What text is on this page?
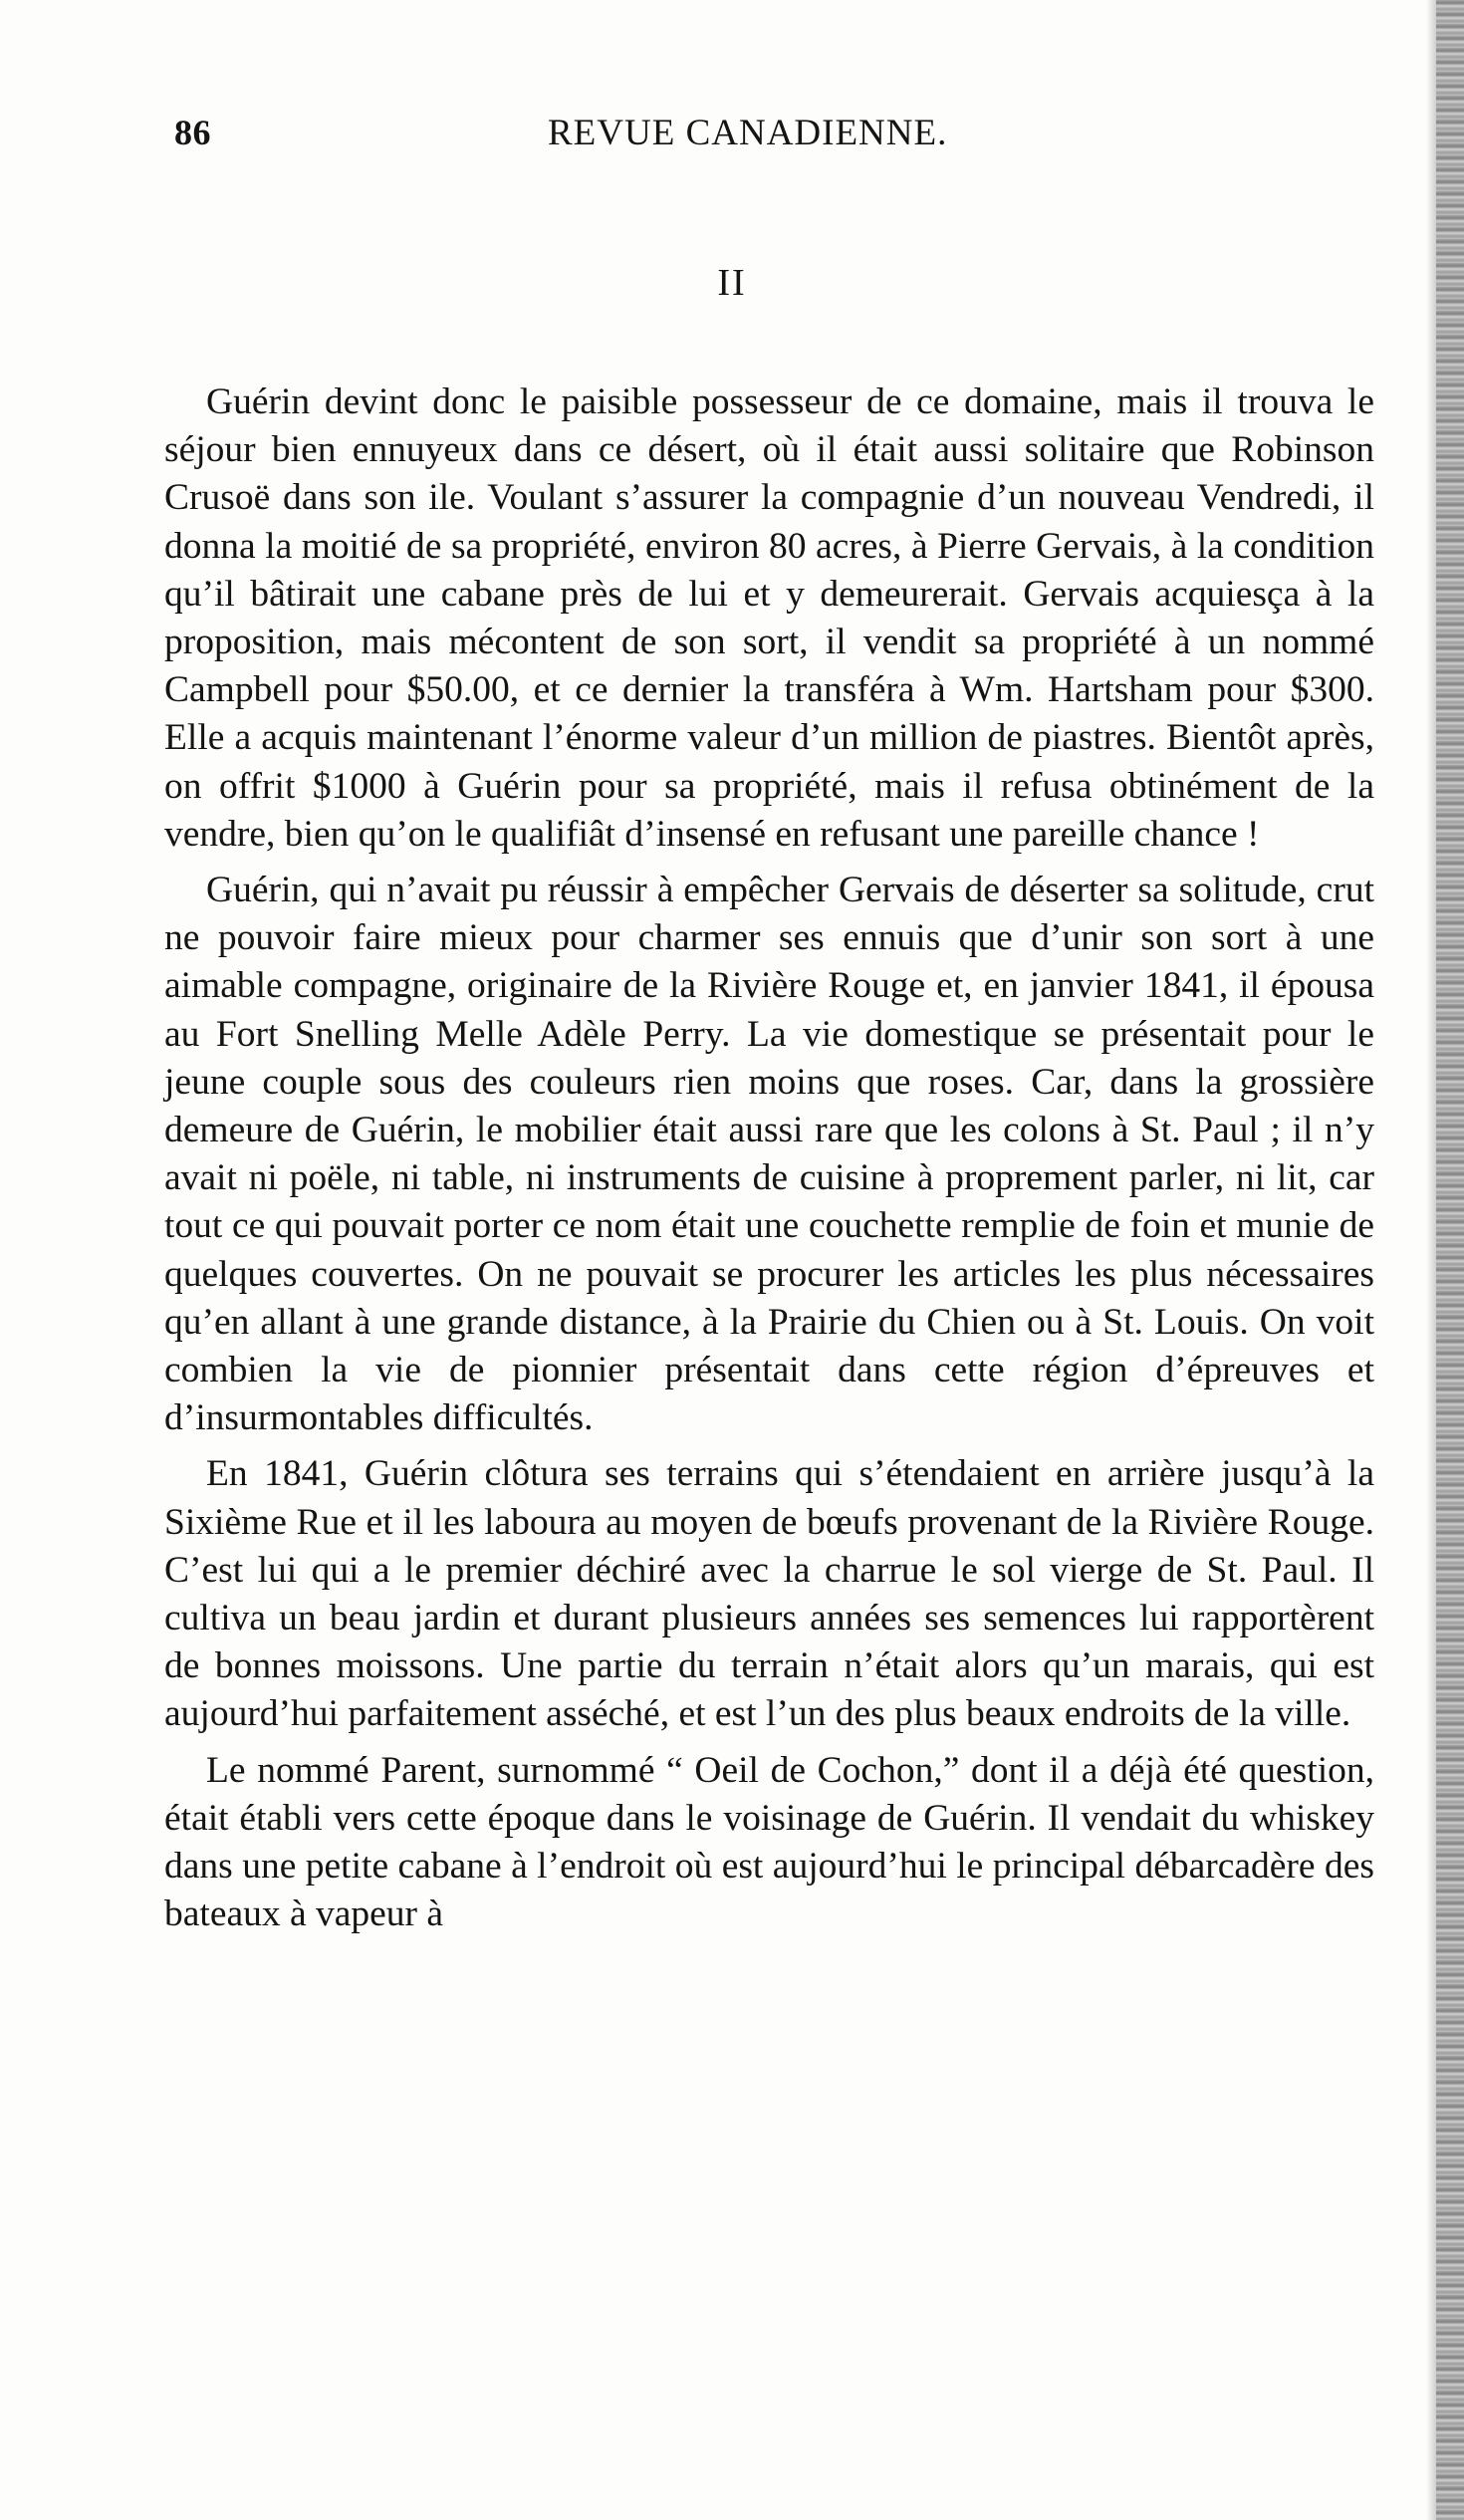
86	REVUE CANADIENNE.
II

Guérin devint donc le paisible possesseur de ce domaine, mais il trouva le séjour bien ennuyeux dans ce désert, où il était aussi solitaire que Robinson Crusoë dans son ile. Voulant s’assurer la compagnie d’un nouveau Vendredi, il donna la moitié de sa propriété, environ 80 acres, à Pierre Gervais, à la condition qu’il bâtirait une cabane près de lui et y demeurerait. Gervais acquiesça à la proposition, mais mécontent de son sort, il vendit sa propriété à un nommé Campbell pour $50.00, et ce dernier la transféra à Wm. Hartsham pour $300. Elle a acquis maintenant l’énorme valeur d’un million de piastres. Bientôt après, on offrit $1000 à Guérin pour sa propriété, mais il refusa obtinément de la vendre, bien qu’on le qualifiât d’insensé en refusant une pareille chance !

Guérin, qui n’avait pu réussir à empêcher Gervais de déserter sa solitude, crut ne pouvoir faire mieux pour charmer ses ennuis que d’unir son sort à une aimable compagne, originaire de la Rivière Rouge et, en janvier 1841, il épousa au Fort Snelling Melle Adèle Perry. La vie domestique se présentait pour le jeune couple sous des couleurs rien moins que roses. Car, dans la grossière demeure de Guérin, le mobilier était aussi rare que les colons à St. Paul ; il n’y avait ni poële, ni table, ni instruments de cuisine à proprement parler, ni lit, car tout ce qui pouvait porter ce nom était une couchette remplie de foin et munie de quelques couvertes. On ne pouvait se procurer les articles les plus nécessaires qu’en allant à une grande distance, à la Prairie du Chien ou à St. Louis. On voit combien la vie de pionnier présentait dans cette région d’épreuves et d’insurmontables difficultés.

En 1841, Guérin clôtura ses terrains qui s’étendaient en arrière jusqu’à la Sixième Rue et il les laboura au moyen de bœufs provenant de la Rivière Rouge. C’est lui qui a le premier déchiré avec la charrue le sol vierge de St. Paul. Il cultiva un beau jardin et durant plusieurs années ses semences lui rapportèrent de bonnes moissons. Une partie du terrain n’était alors qu’un marais, qui est aujourd’hui parfaitement asséché, et est l’un des plus beaux endroits de la ville.

Le nommé Parent, surnommé “ Oeil de Cochon,” dont il a déjà été question, était établi vers cette époque dans le voisinage de Guérin. Il vendait du whiskey dans une petite cabane à l’endroit où est aujourd’hui le principal débarcadère des bateaux à vapeur à
